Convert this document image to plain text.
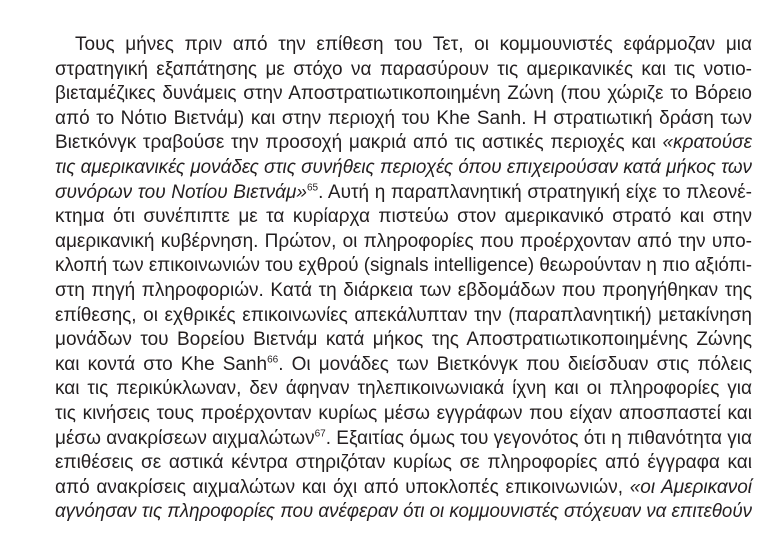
Τους μήνες πριν από την επίθεση του Τετ, οι κομμουνιστές εφάρμοζαν μια
στρατηγική εξαπάτησης με στόχο να παρασύρουν τις αμερικανικές και τις νοτιο-
βιεταμέζικες δυνάμεις στην Αποστρατιωτικοποιημένη Ζώνη (που χώριζε το Βόρειο
από το Νότιο Βιετνάμ) και στην περιοχή του Khe Sanh. Η στρατιωτική δράση των
Βιετκόνγκ τραβούσε την προσοχή μακριά από τις αστικές περιοχές και «κρατούσε
τις αμερικανικές μονάδες στις συνήθεις περιοχές όπου επιχειρούσαν κατά μήκος των
συνόρων του Νοτίου Βιετνάμ»$^{65}$. Αυτή η παραπλανητική στρατηγική είχε το πλεονέ-
κτημα ότι συνέπιπτε με τα κυρίαρχα πιστεύω στον αμερικανικό στρατό και στην
αμερικανική κυβέρνηση. Πρώτον, οι πληροφορίες που προέρχονταν από την υπο-
κλοπή των επικοινωνιών του εχθρού (signals intelligence) θεωρούνταν η πιο αξιόπι-
στη πηγή πληροφοριών. Κατά τη διάρκεια των εβδομάδων που προηγήθηκαν της
επίθεσης, οι εχθρικές επικοινωνίες απεκάλυπταν την (παραπλανητική) μετακίνηση
μονάδων του Βορείου Βιετνάμ κατά μήκος της Αποστρατιωτικοποιημένης Ζώνης
και κοντά στο Khe Sanh$^{66}$. Οι μονάδες των Βιετκόνγκ που διείσδυαν στις πόλεις
και τις περικύκλωναν, δεν άφηναν τηλεπικοινωνιακά ίχνη και οι πληροφορίες για
τις κινήσεις τους προέρχονταν κυρίως μέσω εγγράφων που είχαν αποσπαστεί και
μέσω ανακρίσεων αιχμαλώτων$^{67}$. Εξαιτίας όμως του γεγονότος ότι η πιθανότητα για
επιθέσεις σε αστικά κέντρα στηριζόταν κυρίως σε πληροφορίες από έγγραφα και
από ανακρίσεις αιχμαλώτων και όχι από υποκλοπές επικοινωνιών, «οι Αμερικανοί
αγνόησαν τις πληροφορίες που ανέφεραν ότι οι κομμουνιστές στόχευαν να επιτεθούν
